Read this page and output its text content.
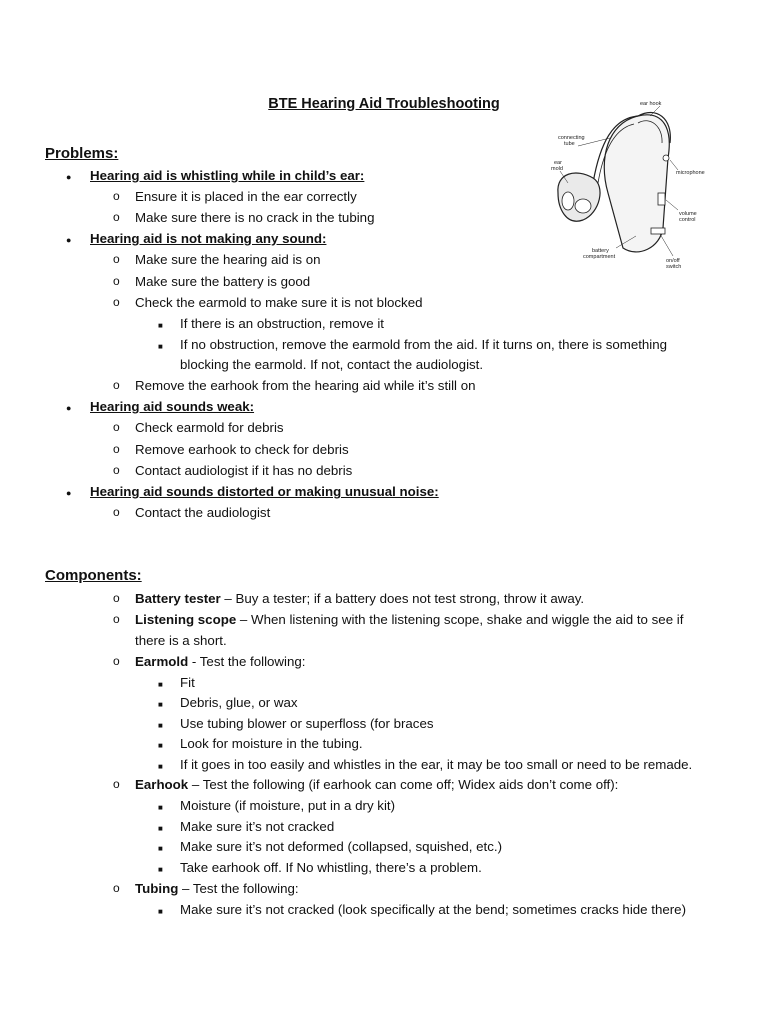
BTE Hearing Aid Troubleshooting	ear hook
connecting
tube
ear
mold
microphone
volume
control
battery
compartment
on/off
switch
Problems:
● Hearing aid is whistling while in child’s ear:
o Ensure it is placed in the ear correctly
o Make sure there is no crack in the tubing
● Hearing aid is not making any sound:
o Make sure the hearing aid is on
o Make sure the battery is good
o Check the earmold to make sure it is not blocked
■ If there is an obstruction, remove it
■ If no obstruction, remove the earmold from the aid. If it turns on, there is something
blocking the earmold. If not, contact the audiologist.
o Remove the earhook from the hearing aid while it’s still on
● Hearing aid sounds weak:
o Check earmold for debris
o Remove earhook to check for debris
o Contact audiologist if it has no debris
● Hearing aid sounds distorted or making unusual noise:
o Contact the audiologist
Components:
o Battery tester – Buy a tester; if a battery does not test strong, throw it away.
o Listening scope – When listening with the listening scope, shake and wiggle the aid to see if
there is a short.
o Earmold - Test the following:
■ Fit
■ Debris, glue, or wax
■ Use tubing blower or superfloss (for braces
■ Look for moisture in the tubing.
■ If it goes in too easily and whistles in the ear, it may be too small or need to be remade.
o Earhook – Test the following (if earhook can come off; Widex aids don’t come off):
■ Moisture (if moisture, put in a dry kit)
■ Make sure it’s not cracked
■ Make sure it’s not deformed (collapsed, squished, etc.)
■ Take earhook off. If No whistling, there’s a problem.
o Tubing – Test the following:
■ Make sure it’s not cracked (look specifically at the bend; sometimes cracks hide there)
